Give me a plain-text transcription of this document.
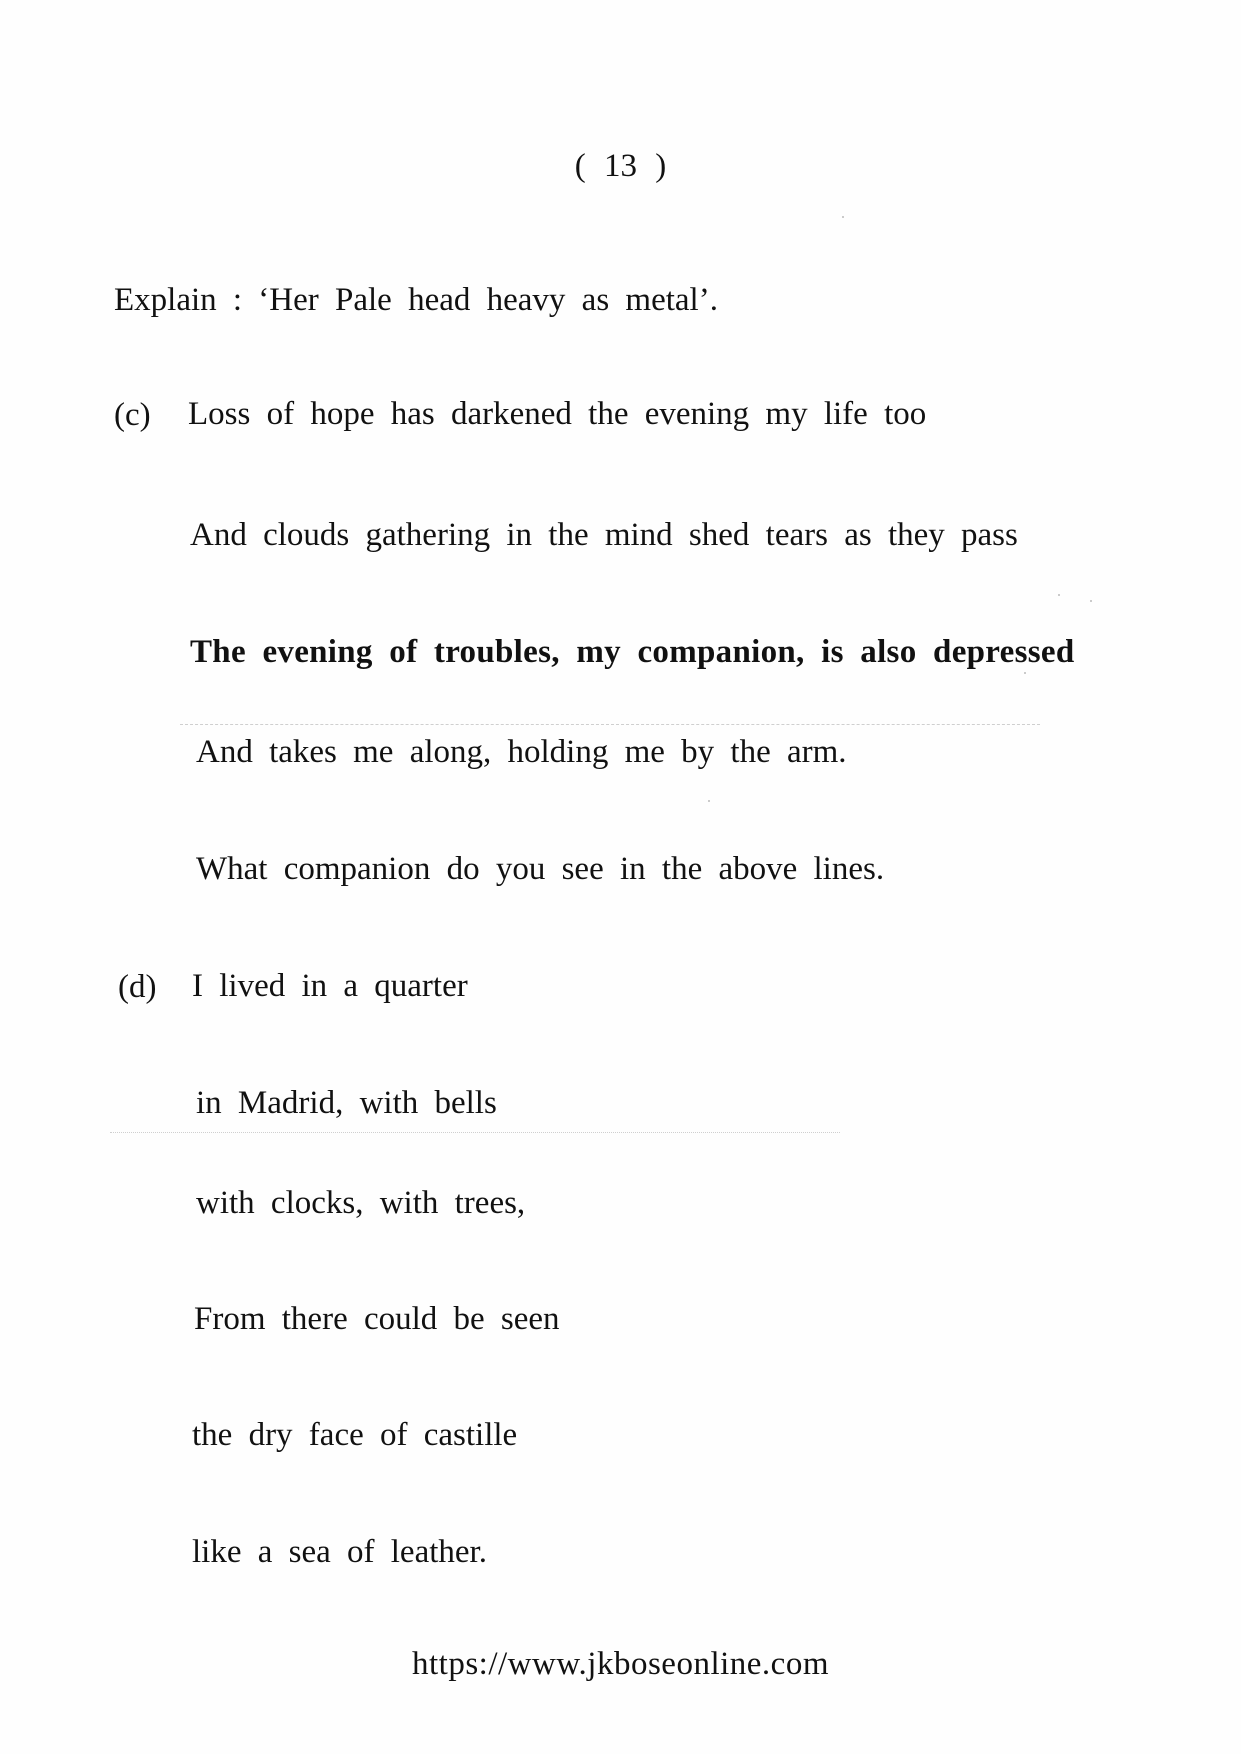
( 13 )
Explain : ‘Her Pale head heavy as metal’.
(c) Loss of hope has darkened the evening my life too
And clouds gathering in the mind shed tears as they pass
The evening of troubles, my companion, is also depressed
And takes me along, holding me by the arm.
What companion do you see in the above lines.
(d) I lived in a quarter
in Madrid, with bells
with clocks, with trees,
From there could be seen
the dry face of castille
like a sea of leather.
https://www.jkboseonline.com
